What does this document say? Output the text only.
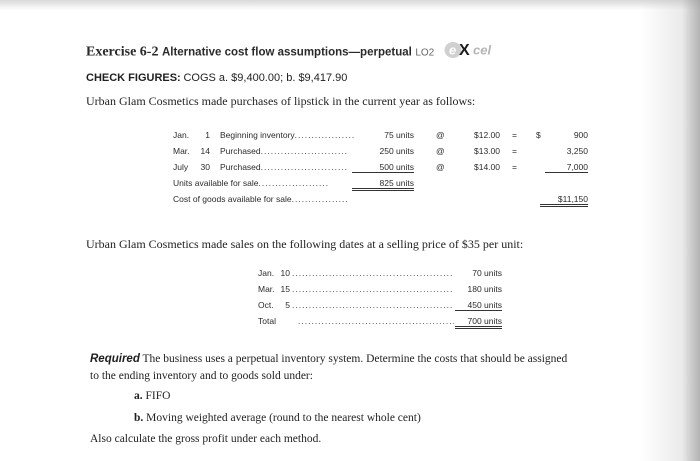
Exercise 6-2 Alternative cost flow assumptions—perpetual LO2 e X cel
CHECK FIGURES: COGS a. $9,400.00; b. $9,417.90
Urban Glam Cosmetics made purchases of lipstick in the current year as follows:
Jan.	1 Beginning inventory .....	75 units	@	$12.00 = $	900
Mar.	14 Purchased .....	250 units	@	$13.00 =	3,250
July	30 Purchased .....	500 units	@	$14.00 =	7,000
Units available for sale .....	825 units
Cost of goods available for sale .....	$11,150
Urban Glam Cosmetics made sales on the following dates at a selling price of $35 per unit:
Jan. 10 .....	70 units
Mar. 15 .....	180 units
Oct.	5 .....	450 units
Total .....	700 units
Required The business uses a perpetual inventory system. Determine the costs that should be assigned
to the ending inventory and to goods sold under:
a. FIFO
b. Moving weighted average (round to the nearest whole cent)
Also calculate the gross profit under each method.
